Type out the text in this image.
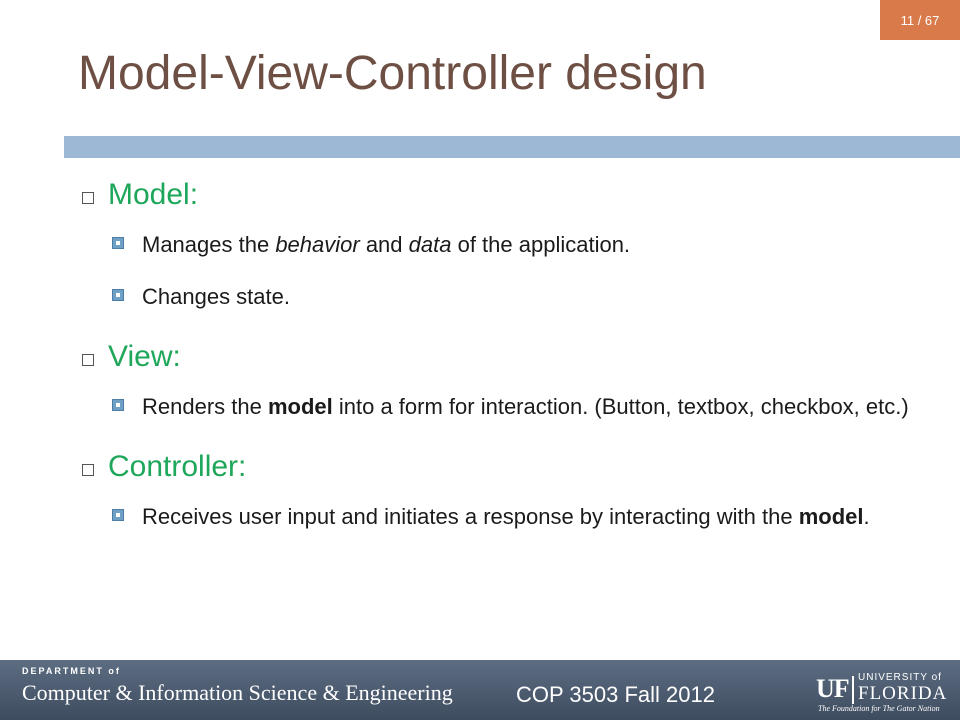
11 / 67
Model-View-Controller design
Model:
Manages the behavior and data of the application.
Changes state.
View:
Renders the model into a form for interaction. (Button, textbox, checkbox, etc.)
Controller:
Receives user input and initiates a response by interacting with the model.
DEPARTMENT of
Computer & Information Science & Engineering	COP 3503 Fall 2012	UF UNIVERSITY of
FLORIDA
The Foundation for The Gator Nation
